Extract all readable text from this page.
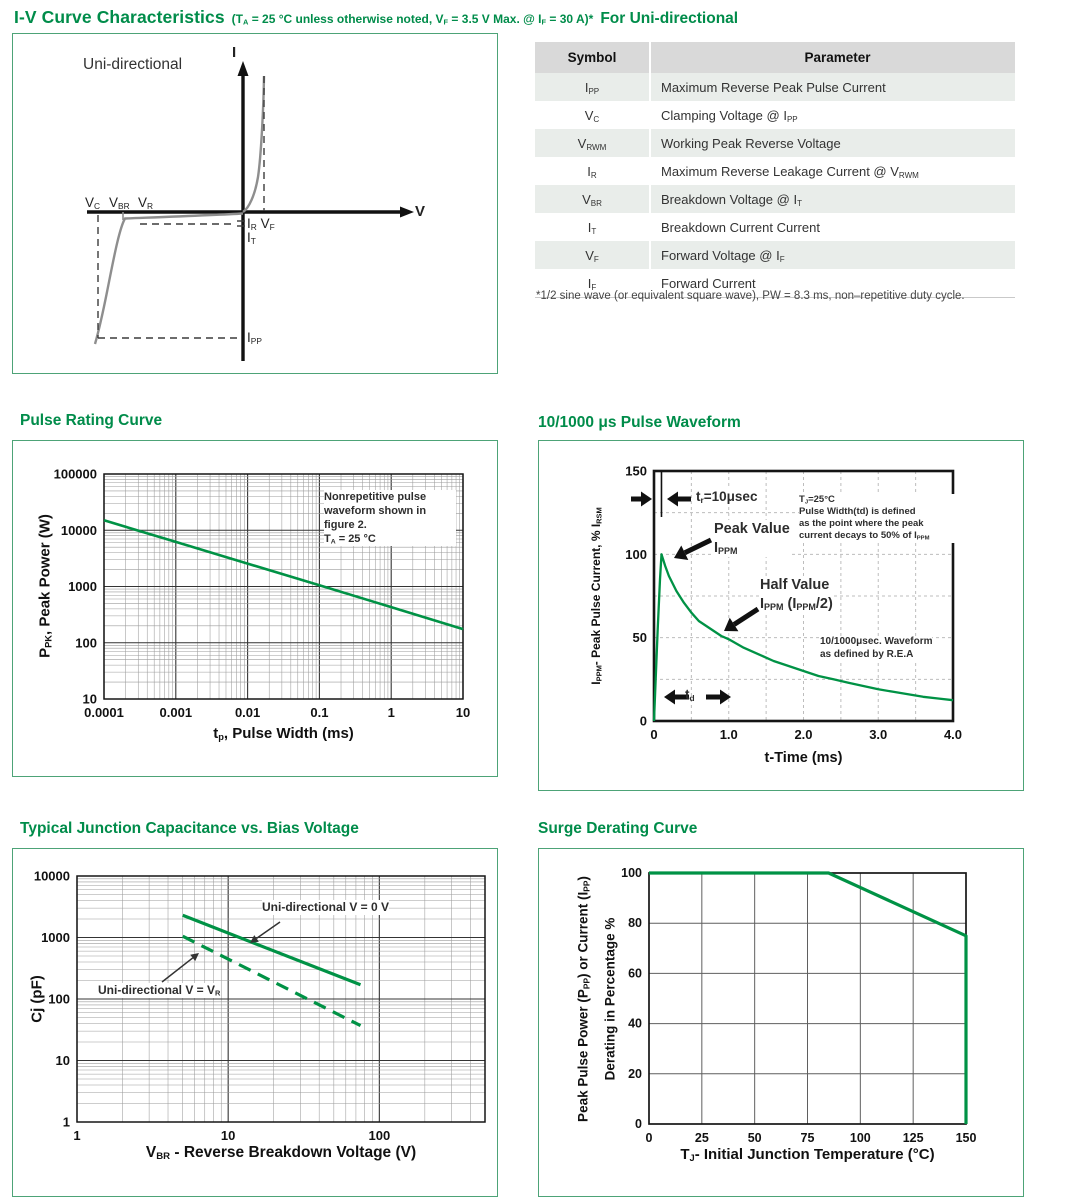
I-V Curve Characteristics ($T_A = 25$ °C unless otherwise noted, $V_F = 3.5$ V Max. @ $I_F = 30$ A)* For Uni-directional
Uni-directional
I
V
$V_C$ $V_{BR}$ $V_R$
$I_R$ $V_F$
$I_T$
$I_{PP}$
Symbol	Parameter
$I_{PP}$	Maximum Reverse Peak Pulse Current
$V_C$	Clamping Voltage @ $I_{PP}$
$V_{RWM}$	Working Peak Reverse Voltage
$I_R$	Maximum Reverse Leakage Current @ $V_{RWM}$
$V_{BR}$	Breakdown Voltage @ $I_T$
$I_T$	Breakdown Current Current
$V_F$	Forward Voltage @ $I_F$
$I_F$	Forward Current
*1/2 sine wave (or equivalent square wave), PW = 8.3 ms, non–repetitive duty cycle.
Pulse Rating Curve	10/1000 μs Pulse Waveform
Typical Junction Capacitance vs. Bias Voltage	Surge Derating Curve
Nonrepetitive pulse
waveform shown in
figure 2.
$T_A = 25$ °C
$P_{PK}$, Peak Power (W)
$t_p$, Pulse Width (ms)
0.0001	0.001	0.01	0.1	1	10
10
100
1000
10000
100000
$t_r=10\mu\sec$	$T_J=25^\circ C$
Pulse Width(td) is defined
as the point where the peak
current decays to 50% of $I_{PPM}$
Peak Value
$I_{PPM}$
Half Value
$I_{PPM}$ $(I_{PPM}/2)$
10/1000μsec. Waveform
as defined by R.E.A
$t_d$
$I_{PPM}-$ Peak Pulse Current, % $I_{RSM}$
t-Time (ms)
0	1.0	2.0	3.0	4.0
0
50
100
150
Uni-directional V = 0 V
Uni-directional $V = V_R$
Cj (pF)
$V_{BR}$ - Reverse Breakdown Voltage (V)
1	10	100
1
10
100
1000
10000
Peak Pulse Power $(P_{PP})$ or Current $(I_{PP})$
Derating in Percentage %
$T_J-$ Initial Junction Temperature (°C)
0	25	50	75	100	125	150
0
20
40
60
80
100
